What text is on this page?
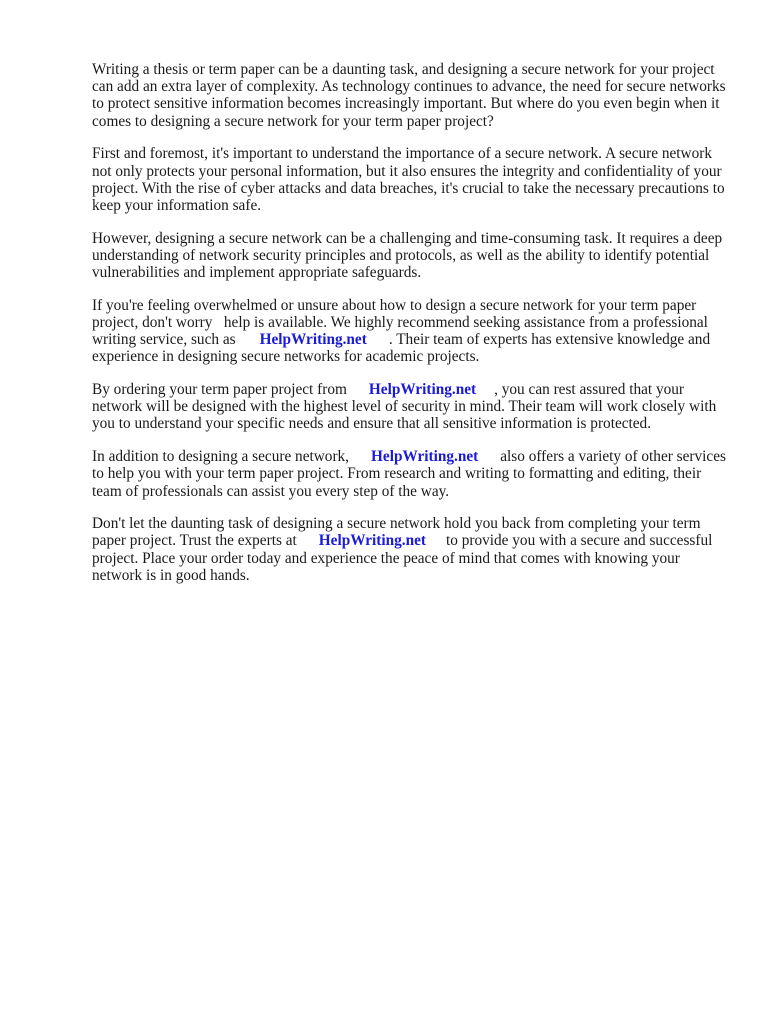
Writing a thesis or term paper can be a daunting task, and designing a secure network for your project can add an extra layer of complexity. As technology continues to advance, the need for secure networks to protect sensitive information becomes increasingly important. But where do you even begin when it comes to designing a secure network for your term paper project?

First and foremost, it's important to understand the importance of a secure network. A secure network not only protects your personal information, but it also ensures the integrity and confidentiality of your project. With the rise of cyber attacks and data breaches, it's crucial to take the necessary precautions to keep your information safe.

However, designing a secure network can be a challenging and time-consuming task. It requires a deep understanding of network security principles and protocols, as well as the ability to identify potential vulnerabilities and implement appropriate safeguards.

If you're feeling overwhelmed or unsure about how to design a secure network for your term paper project, don't worry   help is available. We highly recommend seeking assistance from a professional writing service, such as HelpWriting.net . Their team of experts has extensive knowledge and experience in designing secure networks for academic projects.

By ordering your term paper project from HelpWriting.net , you can rest assured that your network will be designed with the highest level of security in mind. Their team will work closely with you to understand your specific needs and ensure that all sensitive information is protected.

In addition to designing a secure network, HelpWriting.net also offers a variety of other services to help you with your term paper project. From research and writing to formatting and editing, their team of professionals can assist you every step of the way.

Don't let the daunting task of designing a secure network hold you back from completing your term paper project. Trust the experts at HelpWriting.net to provide you with a secure and successful project. Place your order today and experience the peace of mind that comes with knowing your network is in good hands.
